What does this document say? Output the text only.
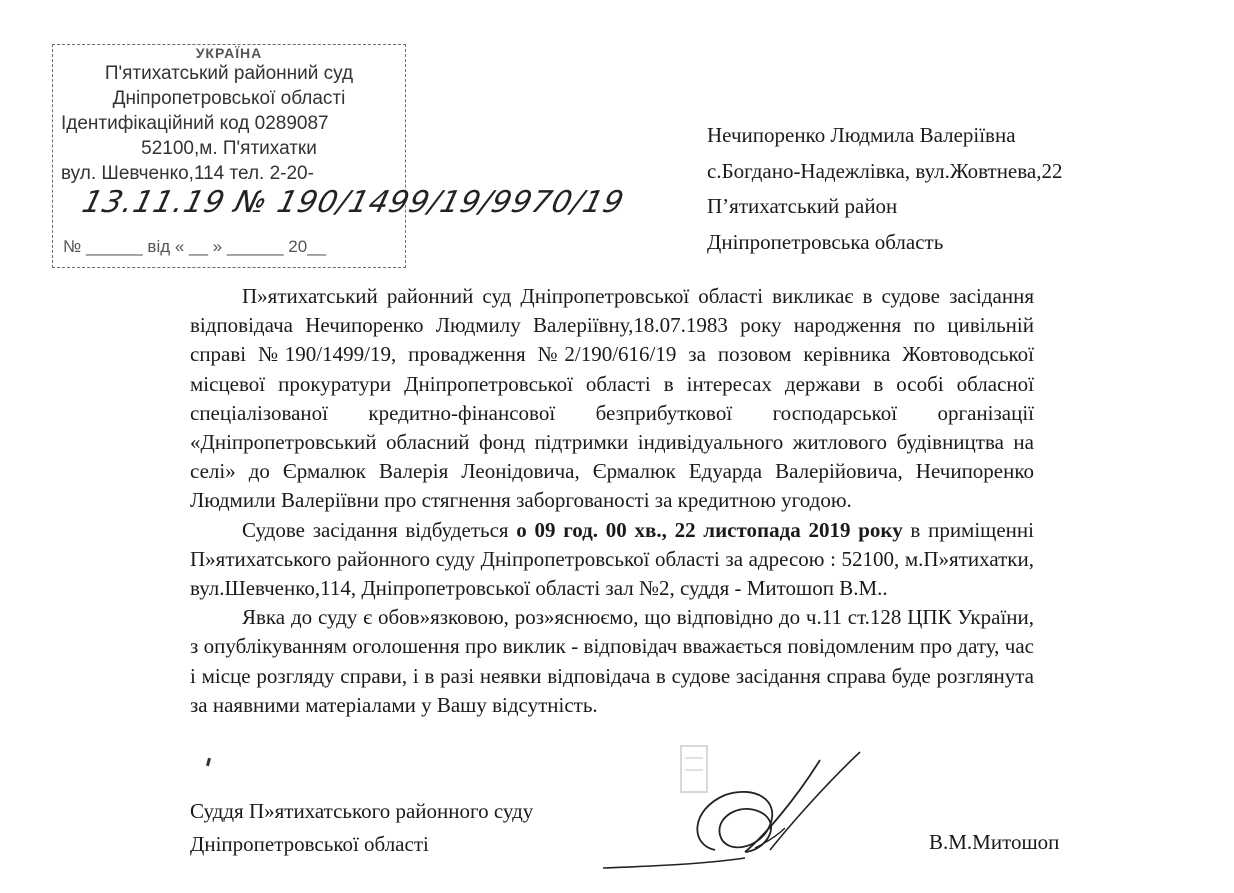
УКРАЇНА
П'ятихатський районний суд
Дніпропетровської області
Ідентифікаційний код 0289087
52100,м. П'ятихатки
вул. Шевченко,114 тел. 2-20-
13.11.19 № 190/1499/19/9970/19
№ ______ від « __ » ______ 20__
Нечипоренко Людмила Валеріївна
с.Богдано-Надежлівка, вул.Жовтнева,22
П’ятихатський район
Дніпропетровська область

П»ятихатський районний суд Дніпропетровської області викликає в судове засідання відповідача Нечипоренко Людмилу Валеріївну,18.07.1983 року народження по цивільній справі №190/1499/19, провадження №2/190/616/19 за позовом керівника Жовтоводської місцевої прокуратури Дніпропетровської області в інтересах держави в особі обласної спеціалізованої кредитно-фінансової безприбуткової господарської організації «Дніпропетровський обласний фонд підтримки індивідуального житлового будівництва на селі» до Єрмалюк Валерія Леонідовича, Єрмалюк Едуарда Валерійовича, Нечипоренко Людмили Валеріївни про стягнення заборгованості за кредитною угодою.

Судове засідання відбудеться о 09 год. 00 хв., 22 листопада 2019 року в приміщенні П»ятихатського районного суду Дніпропетровської області за адресою : 52100, м.П»ятихатки, вул.Шевченко,114, Дніпропетровської області зал №2, суддя - Митошоп В.М..

Явка до суду є обов»язковою, роз»яснюємо, що відповідно до ч.11 ст.128 ЦПК України, з опублікуванням оголошення про виклик - відповідач вважається повідомленим про дату, час і місце розгляду справи, і в разі неявки відповідача в судове засідання справа буде розглянута за наявними матеріалами у Вашу відсутність.

Суддя П»ятихатського районного суду
Дніпропетровської області	В.М.Митошоп
